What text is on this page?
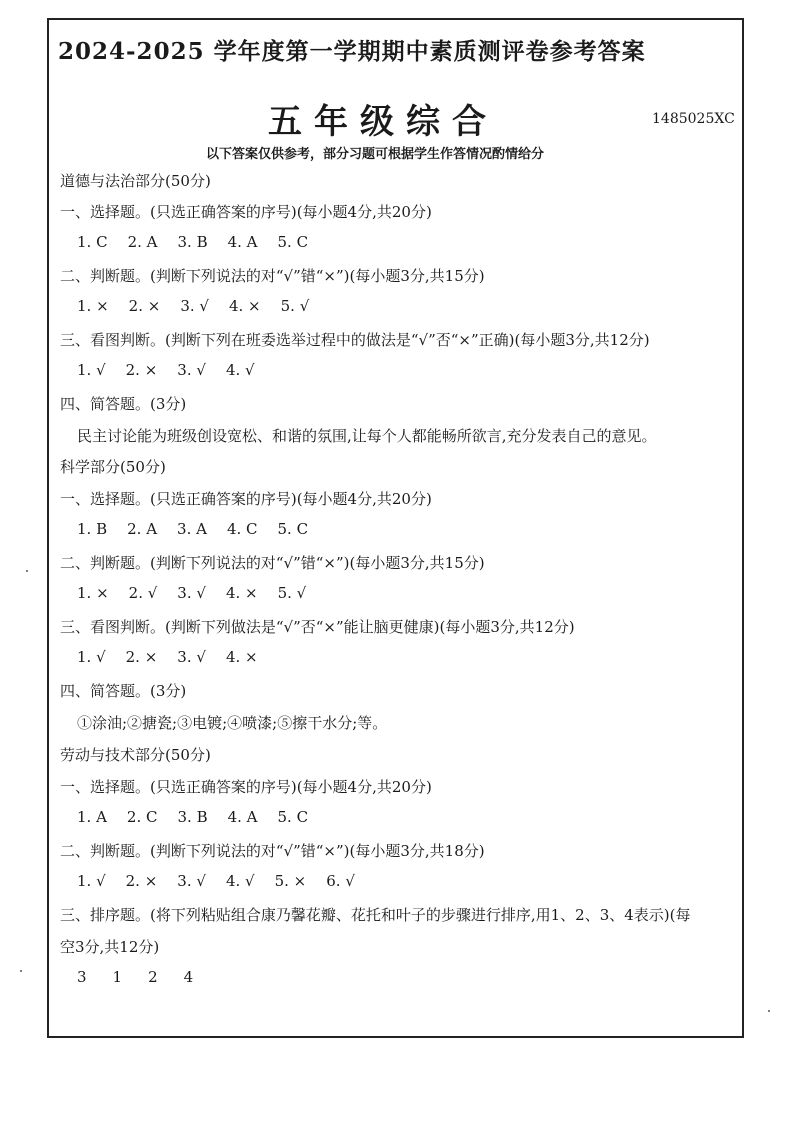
2024-2025 学年度第一学期期中素质测评卷参考答案
五年级综合	1485025XC
以下答案仅供参考，部分习题可根据学生作答情况酌情给分
道德与法治部分(50分)
一、选择题。(只选正确答案的序号)(每小题4分,共20分)
1. C 2. A 3. B 4. A 5. C
二、判断题。(判断下列说法的对“√”错“×”)(每小题3分,共15分)
1. × 2. × 3. √ 4. × 5. √
三、看图判断。(判断下列在班委选举过程中的做法是“√”否“×”正确)(每小题3分,共12分)
1. √ 2. × 3. √ 4. √
四、简答题。(3分)
民主讨论能为班级创设宽松、和谐的氛围,让每个人都能畅所欲言,充分发表自己的意见。
科学部分(50分)
一、选择题。(只选正确答案的序号)(每小题4分,共20分)
1. B 2. A 3. A 4. C 5. C
二、判断题。(判断下列说法的对“√”错“×”)(每小题3分,共15分)
1. × 2. √ 3. √ 4. × 5. √
三、看图判断。(判断下列做法是“√”否“×”能让脑更健康)(每小题3分,共12分)
1. √ 2. × 3. √ 4. ×
四、简答题。(3分)
①涂油;②搪瓷;③电镀;④喷漆;⑤擦干水分;等。
劳动与技术部分(50分)
一、选择题。(只选正确答案的序号)(每小题4分,共20分)
1. A 2. C 3. B 4. A 5. C
二、判断题。(判断下列说法的对“√”错“×”)(每小题3分,共18分)
1. √ 2. × 3. √ 4. √ 5. × 6. √
三、排序题。(将下列粘贴组合康乃馨花瓣、花托和叶子的步骤进行排序,用1、2、3、4表示)(每
空3分,共12分)
3 1 2 4
